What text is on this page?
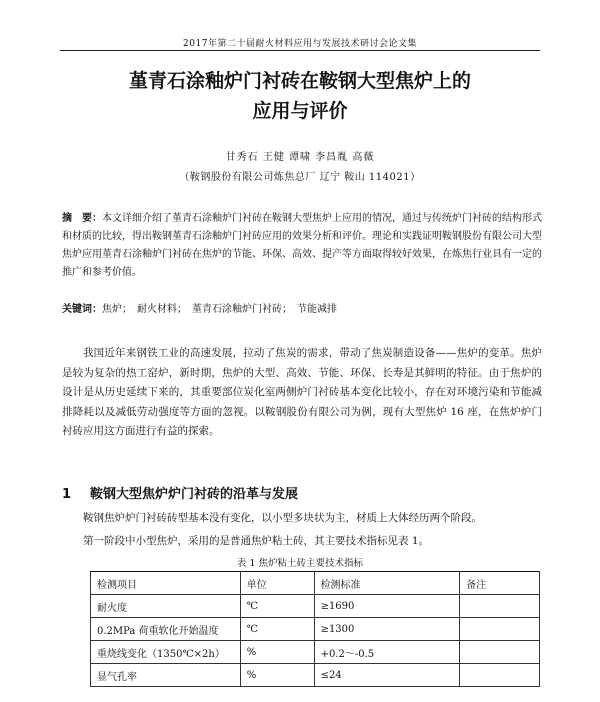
2017年第二十届耐火材料应用与发展技术研讨会论文集
堇青石涂釉炉门衬砖在鞍钢大型焦炉上的
应用与评价
甘秀石 王健 谭啸 李昌胤 高薇
（鞍钢股份有限公司炼焦总厂 辽宁 鞍山 114021）
摘　要：本文详细介绍了堇青石涂釉炉门衬砖在鞍钢大型焦炉上应用的情况，通过与传统炉门衬砖的结构形式和材质的比较，得出鞍钢堇青石涂釉炉门衬砖应用的效果分析和评价。理论和实践证明鞍钢股份有限公司大型焦炉应用堇青石涂釉炉门衬砖在焦炉的节能、环保、高效、提产等方面取得较好效果，在炼焦行业具有一定的推广和参考价值。
关键词：焦炉；　耐火材料；　堇青石涂釉炉门衬砖；　节能减排
我国近年来钢铁工业的高速发展，拉动了焦炭的需求，带动了焦炭制造设备——焦炉的变革。焦炉是较为复杂的热工窑炉，新时期，焦炉的大型、高效、节能、环保、长寿是其鲜明的特征。由于焦炉的设计是从历史延续下来的，其重要部位炭化室两侧炉门衬砖基本变化比较小，存在对环境污染和节能减排降耗以及减低劳动强度等方面的忽视。以鞍钢股份有限公司为例，现有大型焦炉 16 座，在焦炉炉门衬砖应用这方面进行有益的探索。
1 鞍钢大型焦炉炉门衬砖的沿革与发展
鞍钢焦炉炉门衬砖砖型基本没有变化，以小型多块状为主，材质上大体经历两个阶段。
第一阶段中小型焦炉，采用的是普通焦炉粘土砖，其主要技术指标见表 1。
表 1 焦炉粘土砖主要技术指标
检测项目	单位	检测标准	备注
耐火度	℃	≥1690	
0.2MPa 荷重软化开始温度	℃	≥1300	
重烧线变化（1350℃×2h）	%	+0.2～-0.5	
显气孔率	%	≤24	
